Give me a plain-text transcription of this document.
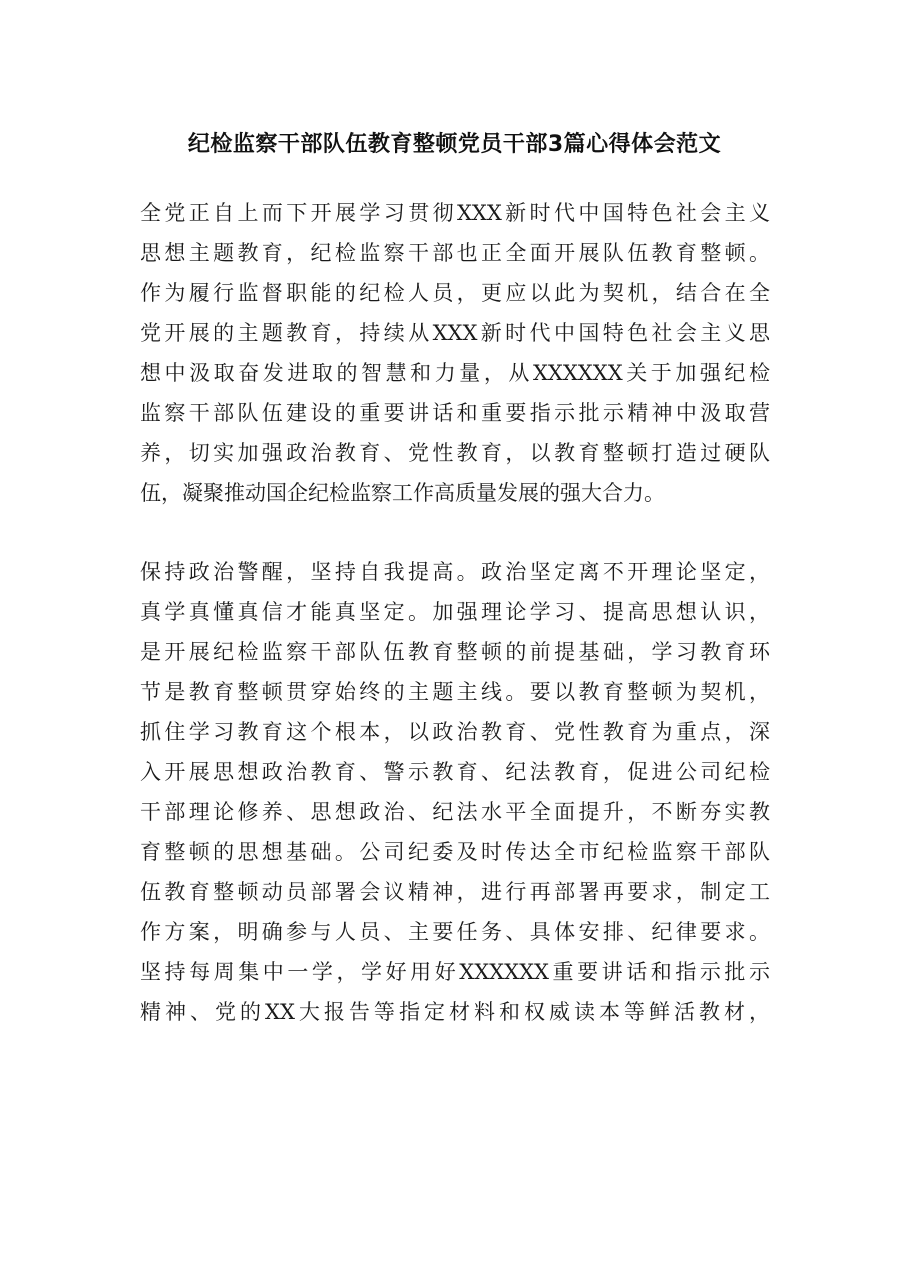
纪检监察干部队伍教育整顿党员干部3篇心得体会范文
全党正自上而下开展学习贯彻XXX新时代中国特色社会主义
思想主题教育，纪检监察干部也正全面开展队伍教育整顿。
作为履行监督职能的纪检人员，更应以此为契机，结合在全
党开展的主题教育，持续从XXX新时代中国特色社会主义思
想中汲取奋发进取的智慧和力量，从XXXXXX关于加强纪检
监察干部队伍建设的重要讲话和重要指示批示精神中汲取营
养，切实加强政治教育、党性教育，以教育整顿打造过硬队
伍，凝聚推动国企纪检监察工作高质量发展的强大合力。
保持政治警醒，坚持自我提高。政治坚定离不开理论坚定，
真学真懂真信才能真坚定。加强理论学习、提高思想认识，
是开展纪检监察干部队伍教育整顿的前提基础，学习教育环
节是教育整顿贯穿始终的主题主线。要以教育整顿为契机，
抓住学习教育这个根本，以政治教育、党性教育为重点，深
入开展思想政治教育、警示教育、纪法教育，促进公司纪检
干部理论修养、思想政治、纪法水平全面提升，不断夯实教
育整顿的思想基础。公司纪委及时传达全市纪检监察干部队
伍教育整顿动员部署会议精神，进行再部署再要求，制定工
作方案，明确参与人员、主要任务、具体安排、纪律要求。
坚持每周集中一学，学好用好XXXXXX重要讲话和指示批示
精神、党的XX大报告等指定材料和权威读本等鲜活教材，
